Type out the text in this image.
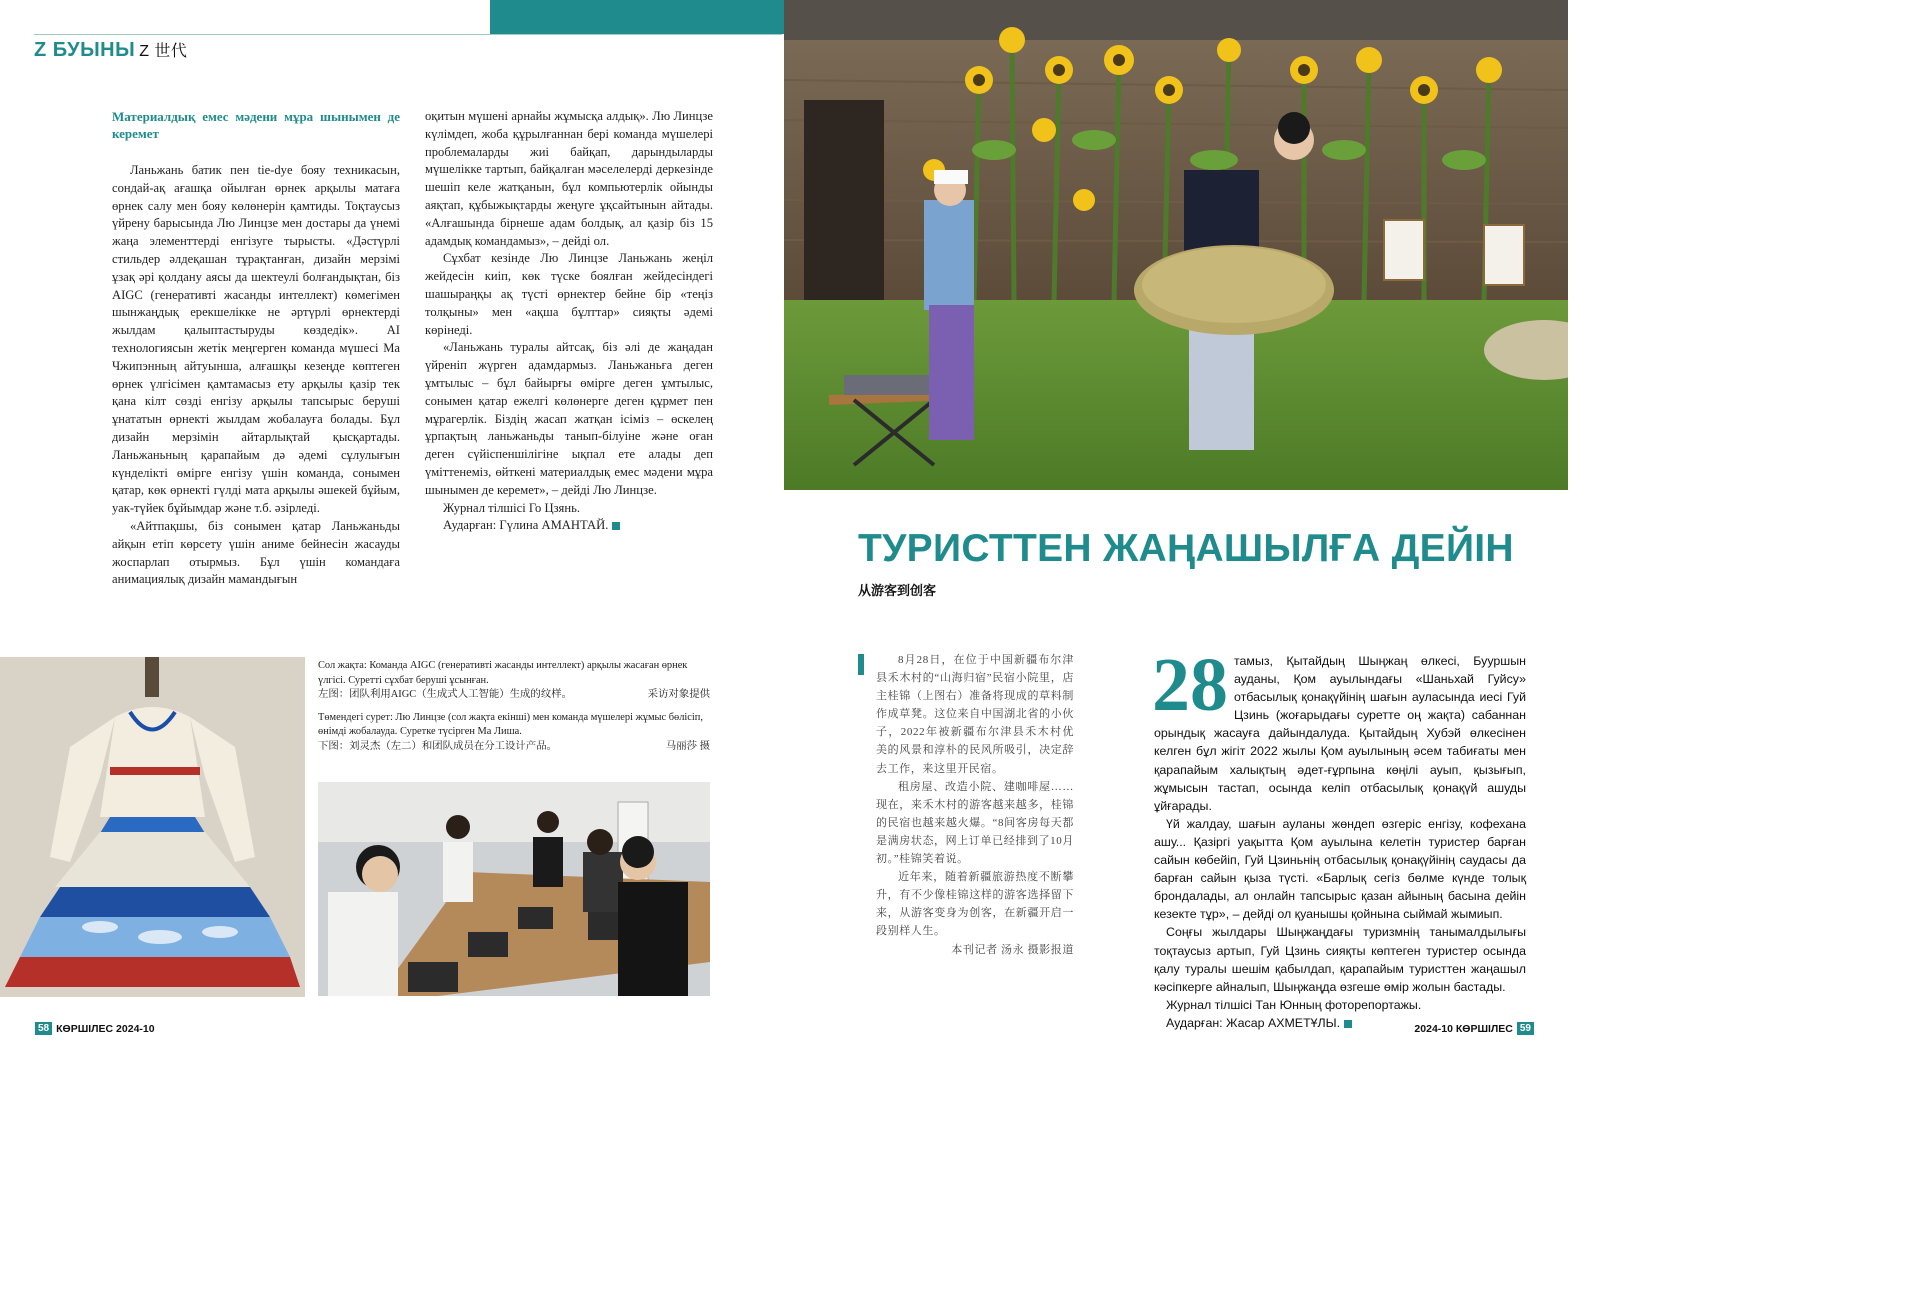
Z БУЫНЫ Z 世代

Материалдық емес мәдени мұра шынымен де керемет

Ланьжань батик пен tie-dye бояу техникасын, сондай-ақ ағашқа ойылған өрнек арқылы матаға өрнек салу мен бояу көлөнерін қамтиды. Тоқтаусыз үйрену барысында Лю Линцзе мен достары да үнемі жаңа элементтерді енгізуге тырысты. «Дәстүрлі стильдер әлдеқашан тұрақтанған, дизайн мерзімі ұзақ әрі қолдану аясы да шектеулі болғандықтан, біз AIGC (генеративті жасанды интеллект) көмегімен шынжаңдық ерекшелікке не әртүрлі өрнектерді жылдам қалыптастыруды көздедік». AI технологиясын жетік меңгерген команда мүшесі Ма Чжипэнның айтуынша, алғашқы кезеңде көптеген өрнек үлгісімен қамтамасыз ету арқылы қазір тек қана кілт сөзді енгізу арқылы тапсырыс беруші ұнататын өрнекті жылдам жобалауға болады. Бұл дизайн мерзімін айтарлықтай қысқартады. Ланьжаньның қарапайым дә әдемі сұлулығын күнделікті өмірге енгізу үшін команда, сонымен қатар, көк өрнекті гүлді мата арқылы әшекей бұйым, уак-түйек бұйымдар және т.б. әзірледі.

«Айтпақшы, біз сонымен қатар Ланьжаньды айқын етіп көрсету үшін аниме бейнесін жасауды жоспарлап отырмыз. Бұл үшін командаға анимациялық дизайн мамандығын

оқитын мүшені арнайы жұмысқа алдық». Лю Линцзе күлімдеп, жоба құрылғаннан бері команда мүшелері проблемаларды жиі байқап, дарындыларды мүшелікке тартып, байқалған мәселелерді деркезінде шешіп келе жатқанын, бұл компьютерлік ойынды аяқтап, құбыжықтарды жеңуге ұқсайтынын айтады. «Алғашында бірнеше адам болдық, ал қазір біз 15 адамдық командамыз», – дейді ол.

Сұхбат кезінде Лю Линцзе Ланьжань жеңіл жейдесін киіп, көк түске боялған жейдесіндегі шашыраңқы ақ түсті өрнектер бейне бір «теңіз толқыны» мен «ақша бұлттар» сияқты әдемі көрінеді.

«Ланьжань туралы айтсақ, біз әлі де жаңадан үйреніп жүрген адамдармыз. Ланьжаньға деген ұмтылыс – бұл байырғы өмірге деген ұмтылыс, сонымен қатар ежелгі көлөнерге деген құрмет пен мұрагерлік. Біздің жасап жатқан ісіміз – өскелең ұрпақтың ланьжаньды танып-білуіне және оған деген сүйіспеншілігіне ықпал ете алады деп үміттенеміз, өйткені материалдық емес мәдени мұра шынымен де керемет», – дейді Лю Линцзе.

Журнал тілшісі Го Цзянь.

Аударған: Гүлина АМАНТАЙ.

Сол жақта: Команда AIGC (генеративті жасанды интеллект) арқылы жасаған өрнек үлгісі. Суретті сұхбат беруші ұсынған.

左图：团队利用AIGC（生成式人工智能）生成的纹样。	采访对象提供

Төмендегі сурет: Лю Линцзе (сол жақта екінші) мен команда мүшелері жұмыс бөлісіп, өнімді жобалауда. Суретке түсірген Ма Лиша.

下图：刘灵杰（左二）和团队成员在分工设计产品。	马丽莎 摄
ТУРИСТТЕН ЖАҢАШЫЛҒА ДЕЙІН
从游客到创客

8月28日，在位于中国新疆布尔津县禾木村的“山海归宿”民宿小院里，店主桂锦（上图右）准备将现成的草料制作成草凳。这位来自中国湖北省的小伙子，2022年被新疆布尔津县禾木村优美的风景和淳朴的民风所吸引，决定辞去工作，来这里开民宿。

租房屋、改造小院、建咖啡屋……现在，来禾木村的游客越来越多，桂锦的民宿也越来越火爆。“8间客房每天都是满房状态，网上订单已经排到了10月初。”桂锦笑着说。

近年来，随着新疆旅游热度不断攀升，有不少像桂锦这样的游客选择留下来，从游客变身为创客，在新疆开启一段别样人生。

本刊记者 汤永 摄影报道

28 тамыз, Қытайдың Шыңжаң өлкесі, Бууршын ауданы, Қом ауылындағы «Шаньхай Гуйсу» отбасылық қонақүйінің шағын ауласында иесі Гуй Цзинь (жоғарыдағы суретте оң жақта) сабаннан орындық жасауға дайындалуда. Қытайдың Хубэй өлкесінен келген бұл жігіт 2022 жылы Қом ауылының әсем табиғаты мен қарапайым халықтың әдет-ғұрпына көңілі ауып, қызығып, жұмысын тастап, осында келіп отбасылық қонақүй ашуды ұйғарады.

Үй жалдау, шағын ауланы жөндеп өзгеріс енгізу, кофехана ашу... Қазіргі уақытта Қом ауылына келетін туристер барған сайын көбейіп, Гуй Цзиньнің отбасылық қонақүйінің саудасы да барған сайын қыза түсті. «Барлық сегіз бөлме күнде толық брондалады, ал онлайн тапсырыс қазан айының басына дейін кезекте тұр», – дейді ол қуанышы қойнына сыймай жымиып.

Соңғы жылдары Шыңжаңдағы туризмнің танымалдылығы тоқтаусыз артып, Гуй Цзинь сияқты көптеген туристер осында қалу туралы шешім қабылдап, қарапайым туристтен жаңашыл кәсіпкерге айналып, Шыңжаңда өзгеше өмір жолын бастады.

Журнал тілшісі Тан Юнның фоторепортажы.

Аударған: Жасар АХМЕТҰЛЫ.

58 КӨРШІЛЕС 2024-10	2024-10 КӨРШІЛЕС 59
